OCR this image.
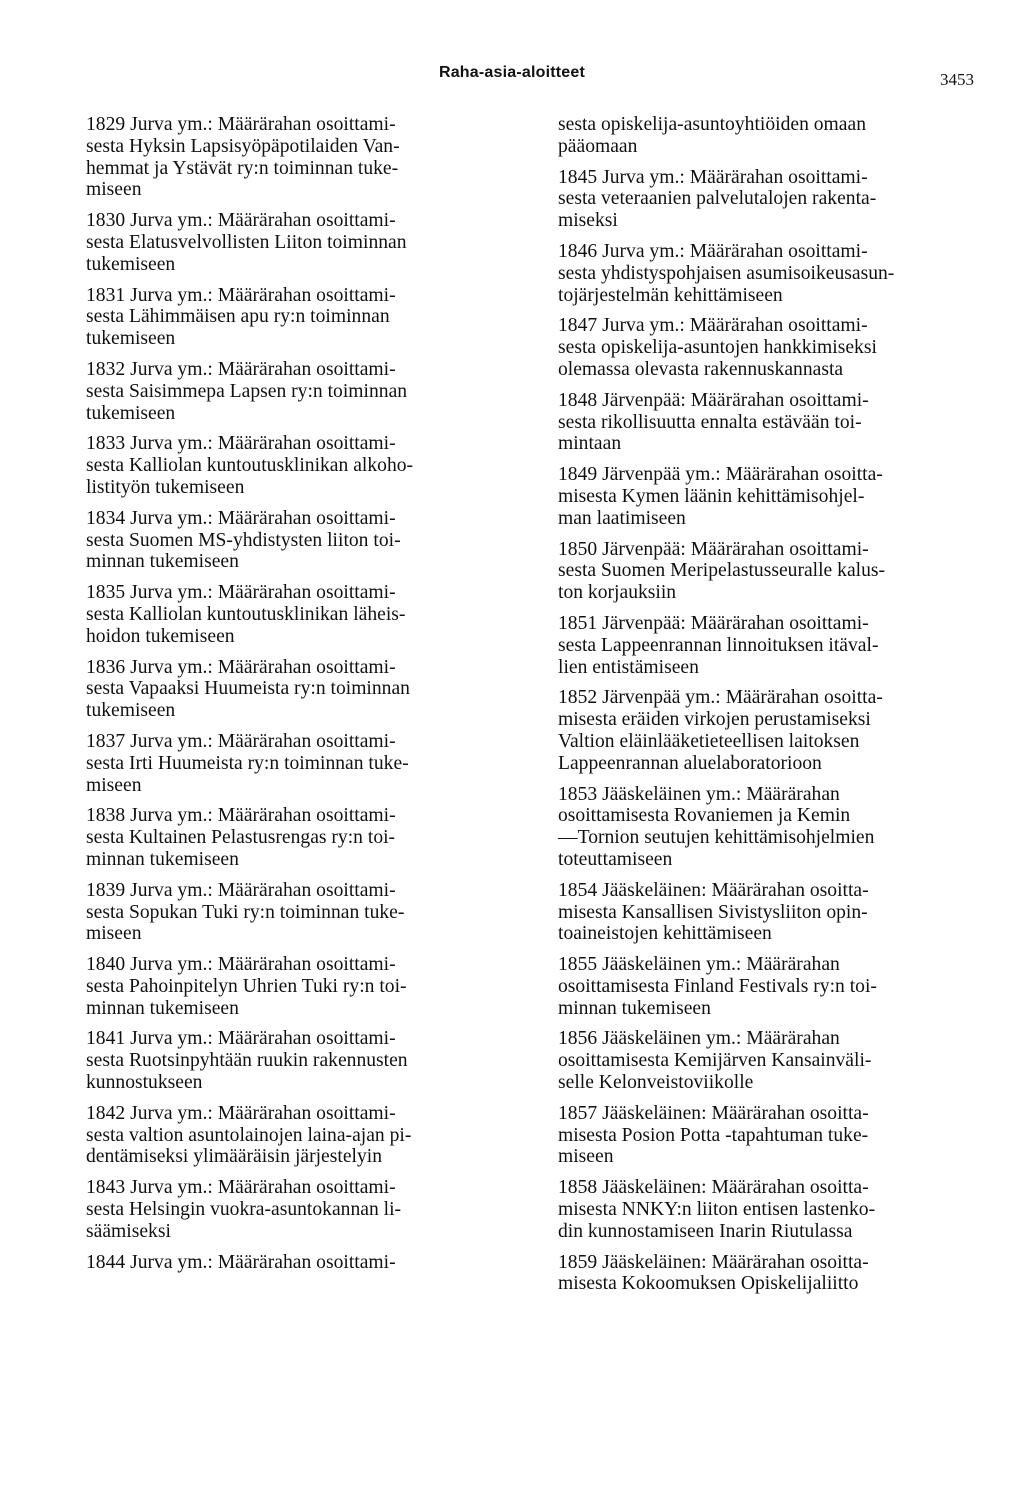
Raha-asia-aloitteet	3453

1829 Jurva ym.: Määrärahan osoittami-
sesta Hyksin Lapsisyöpäpotilaiden Van-
hemmat ja Ystävät ry:n toiminnan tuke-
miseen

1830 Jurva ym.: Määrärahan osoittami-
sesta Elatusvelvollisten Liiton toiminnan
tukemiseen

1831 Jurva ym.: Määrärahan osoittami-
sesta Lähimmäisen apu ry:n toiminnan
tukemiseen

1832 Jurva ym.: Määrärahan osoittami-
sesta Saisimmepa Lapsen ry:n toiminnan
tukemiseen

1833 Jurva ym.: Määrärahan osoittami-
sesta Kalliolan kuntoutusklinikan alkoho-
listityön tukemiseen

1834 Jurva ym.: Määrärahan osoittami-
sesta Suomen MS-yhdistysten liiton toi-
minnan tukemiseen

1835 Jurva ym.: Määrärahan osoittami-
sesta Kalliolan kuntoutusklinikan läheis-
hoidon tukemiseen

1836 Jurva ym.: Määrärahan osoittami-
sesta Vapaaksi Huumeista ry:n toiminnan
tukemiseen

1837 Jurva ym.: Määrärahan osoittami-
sesta Irti Huumeista ry:n toiminnan tuke-
miseen

1838 Jurva ym.: Määrärahan osoittami-
sesta Kultainen Pelastusrengas ry:n toi-
minnan tukemiseen

1839 Jurva ym.: Määrärahan osoittami-
sesta Sopukan Tuki ry:n toiminnan tuke-
miseen

1840 Jurva ym.: Määrärahan osoittami-
sesta Pahoinpitelyn Uhrien Tuki ry:n toi-
minnan tukemiseen

1841 Jurva ym.: Määrärahan osoittami-
sesta Ruotsinpyhtään ruukin rakennusten
kunnostukseen

1842 Jurva ym.: Määrärahan osoittami-
sesta valtion asuntolainojen laina-ajan pi-
dentämiseksi ylimääräisin järjestelyin

1843 Jurva ym.: Määrärahan osoittami-
sesta Helsingin vuokra-asuntokannan li-
säämiseksi

1844 Jurva ym.: Määrärahan osoittami-

sesta opiskelija-asuntoyhtiöiden omaan
pääomaan

1845 Jurva ym.: Määrärahan osoittami-
sesta veteraanien palvelutalojen rakenta-
miseksi

1846 Jurva ym.: Määrärahan osoittami-
sesta yhdistyspohjaisen asumisoikeusasun-
tojärjestelmän kehittämiseen

1847 Jurva ym.: Määrärahan osoittami-
sesta opiskelija-asuntojen hankkimiseksi
olemassa olevasta rakennuskannasta

1848 Järvenpää: Määrärahan osoittami-
sesta rikollisuutta ennalta estävään toi-
mintaan

1849 Järvenpää ym.: Määrärahan osoitta-
misesta Kymen läänin kehittämisohjel-
man laatimiseen

1850 Järvenpää: Määrärahan osoittami-
sesta Suomen Meripelastusseuralle kalus-
ton korjauksiin

1851 Järvenpää: Määrärahan osoittami-
sesta Lappeenrannan linnoituksen itäval-
lien entistämiseen

1852 Järvenpää ym.: Määrärahan osoitta-
misesta eräiden virkojen perustamiseksi
Valtion eläinlääketieteellisen laitoksen
Lappeenrannan aluelaboratorioon

1853 Jääskeläinen ym.: Määrärahan
osoittamisesta Rovaniemen ja Kemin
—Tornion seutujen kehittämisohjelmien
toteuttamiseen

1854 Jääskeläinen: Määrärahan osoitta-
misesta Kansallisen Sivistysliiton opin-
toaineistojen kehittämiseen

1855 Jääskeläinen ym.: Määrärahan
osoittamisesta Finland Festivals ry:n toi-
minnan tukemiseen

1856 Jääskeläinen ym.: Määrärahan
osoittamisesta Kemijärven Kansainväli-
selle Kelonveistoviikolle

1857 Jääskeläinen: Määrärahan osoitta-
misesta Posion Potta -tapahtuman tuke-
miseen

1858 Jääskeläinen: Määrärahan osoitta-
misesta NNKY:n liiton entisen lastenko-
din kunnostamiseen Inarin Riutulassa

1859 Jääskeläinen: Määrärahan osoitta-
misesta Kokoomuksen Opiskelijaliitto
